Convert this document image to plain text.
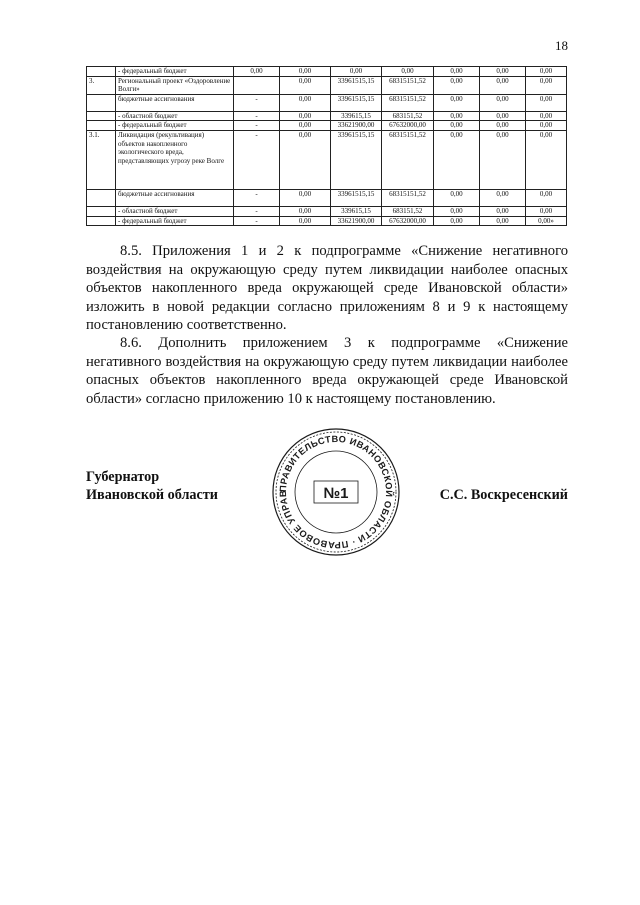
18
	- федеральный бюджет	0,00	0,00	0,00	0,00	0,00	0,00	0,00
3.	Региональный проект «Оздоровление Волги»		0,00	33961515,15	68315151,52	0,00	0,00	0,00
	бюджетные ассигнования	-	0,00	33961515,15	68315151,52	0,00	0,00	0,00
	- областной бюджет	-	0,00	339615,15	683151,52	0,00	0,00	0,00
	- федеральный бюджет	-	0,00	33621900,00	67632000,00	0,00	0,00	0,00
3.1.	Ликвидация (рекультивация) объектов накопленного экологического вреда, представляющих угрозу реке Волге	-	0,00	33961515,15	68315151,52	0,00	0,00	0,00
	бюджетные ассигнования	-	0,00	33961515,15	68315151,52	0,00	0,00	0,00
	- областной бюджет	-	0,00	339615,15	683151,52	0,00	0,00	0,00
	- федеральный бюджет	-	0,00	33621900,00	67632000,00	0,00	0,00	0,00»
8.5. Приложения 1 и 2 к подпрограмме «Снижение негативного воздействия на окружающую среду путем ликвидации наиболее опасных объектов накопленного вреда окружающей среде Ивановской области» изложить в новой редакции согласно приложениям 8 и 9 к настоящему постановлению соответственно.
8.6. Дополнить приложением 3 к подпрограмме «Снижение негативного воздействия на окружающую среду путем ликвидации наиболее опасных объектов накопленного вреда окружающей среде Ивановской области» согласно приложению 10 к настоящему постановлению.
Губернатор
Ивановской области	С.С. Воскресенский
ПРАВИТЕЛЬСТВО ИВАНОВСКОЙ ОБЛАСТИ · ПРАВОВОЕ УПРАВ	№1
